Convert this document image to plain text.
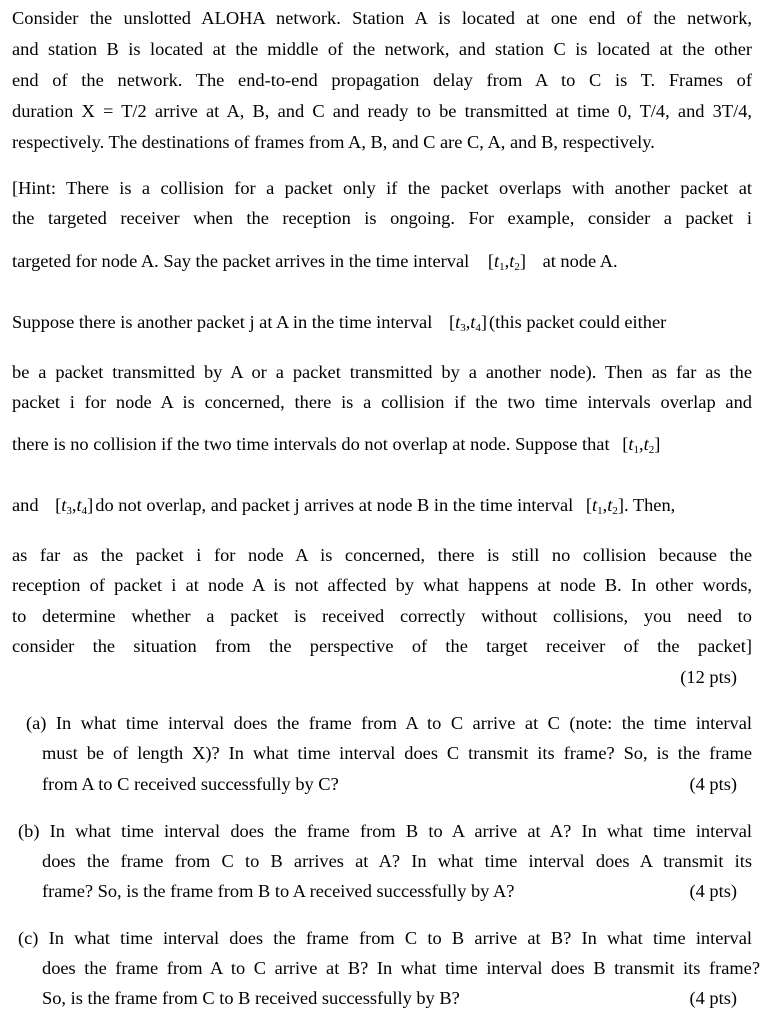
Consider the unslotted ALOHA network. Station A is located at one end of the network,
and station B is located at the middle of the network, and station C is located at the other
end of the network. The end-to-end propagation delay from A to C is T. Frames of
duration X = T/2 arrive at A, B, and C and ready to be transmitted at time 0, T/4, and 3T/4,
respectively. The destinations of frames from A, B, and C are C, A, and B, respectively.
[Hint: There is a collision for a packet only if the packet overlaps with another packet at
the targeted receiver when the reception is ongoing. For example, consider a packet i
targeted for node A. Say the packet arrives in the time interval $[t_1,t_2]$ at node A.
Suppose there is another packet j at A in the time interval $[t_3,t_4]$ (this packet could either
be a packet transmitted by A or a packet transmitted by a another node). Then as far as the
packet i for node A is concerned, there is a collision if the two time intervals overlap and
there is no collision if the two time intervals do not overlap at node. Suppose that $[t_1,t_2]$
and $[t_3,t_4]$ do not overlap, and packet j arrives at node B in the time interval $[t_1,t_2]$. Then,
as far as the packet i for node A is concerned, there is still no collision because the
reception of packet i at node A is not affected by what happens at node B. In other words,
to determine whether a packet is received correctly without collisions, you need to
consider the situation from the perspective of the target receiver of the packet]
(12 pts)
(a) In what time interval does the frame from A to C arrive at C (note: the time interval
must be of length X)? In what time interval does C transmit its frame? So, is the frame
from A to C received successfully by C?	(4 pts)
(b) In what time interval does the frame from B to A arrive at A? In what time interval
does the frame from C to B arrives at A? In what time interval does A transmit its
frame? So, is the frame from B to A received successfully by A?	(4 pts)
(c) In what time interval does the frame from C to B arrive at B? In what time interval
does the frame from A to C arrive at B? In what time interval does B transmit its frame?
So, is the frame from C to B received successfully by B?	(4 pts)
